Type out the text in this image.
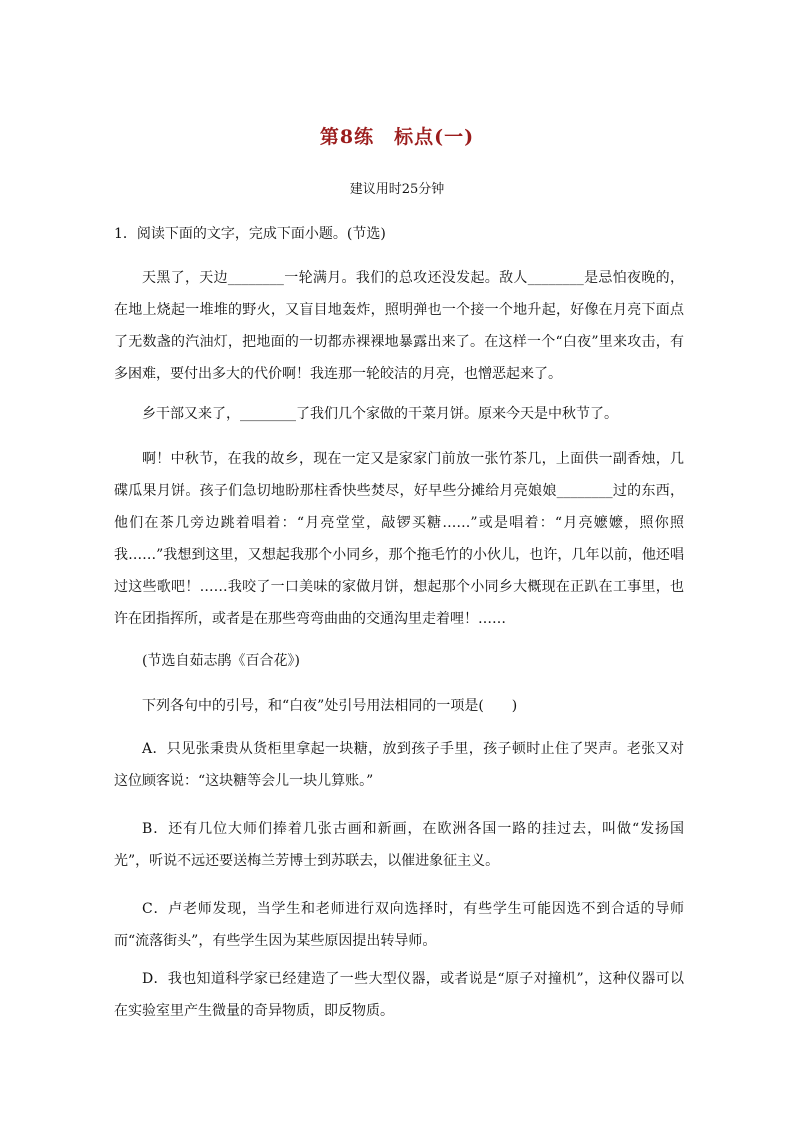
第8练　标点(一)
建议用时25分钟
1．阅读下面的文字，完成下面小题。(节选)
天黑了，天边________一轮满月。我们的总攻还没发起。敌人________是忌怕夜晚的，在地上烧起一堆堆的野火，又盲目地轰炸，照明弹也一个接一个地升起，好像在月亮下面点了无数盏的汽油灯，把地面的一切都赤裸裸地暴露出来了。在这样一个“白夜”里来攻击，有多困难，要付出多大的代价啊！我连那一轮皎洁的月亮，也憎恶起来了。
乡干部又来了，________了我们几个家做的干菜月饼。原来今天是中秋节了。
啊！中秋节，在我的故乡，现在一定又是家家门前放一张竹茶几，上面供一副香烛，几碟瓜果月饼。孩子们急切地盼那柱香快些焚尽，好早些分摊给月亮娘娘________过的东西，他们在茶几旁边跳着唱着：“月亮堂堂，敲锣买糖……”或是唱着：“月亮嬷嬷，照你照我……”我想到这里，又想起我那个小同乡，那个拖毛竹的小伙儿，也许，几年以前，他还唱过这些歌吧！……我咬了一口美味的家做月饼，想起那个小同乡大概现在正趴在工事里，也许在团指挥所，或者是在那些弯弯曲曲的交通沟里走着哩！……
(节选自茹志鹃《百合花》)
下列各句中的引号，和“白夜”处引号用法相同的一项是(　　)
A．只见张秉贵从货柜里拿起一块糖，放到孩子手里，孩子顿时止住了哭声。老张又对这位顾客说：“这块糖等会儿一块儿算账。”
B．还有几位大师们捧着几张古画和新画，在欧洲各国一路的挂过去，叫做“发扬国光”，听说不远还要送梅兰芳博士到苏联去，以催进象征主义。
C．卢老师发现，当学生和老师进行双向选择时，有些学生可能因选不到合适的导师而“流落街头”，有些学生因为某些原因提出转导师。
D．我也知道科学家已经建造了一些大型仪器，或者说是“原子对撞机”，这种仪器可以在实验室里产生微量的奇异物质，即反物质。
